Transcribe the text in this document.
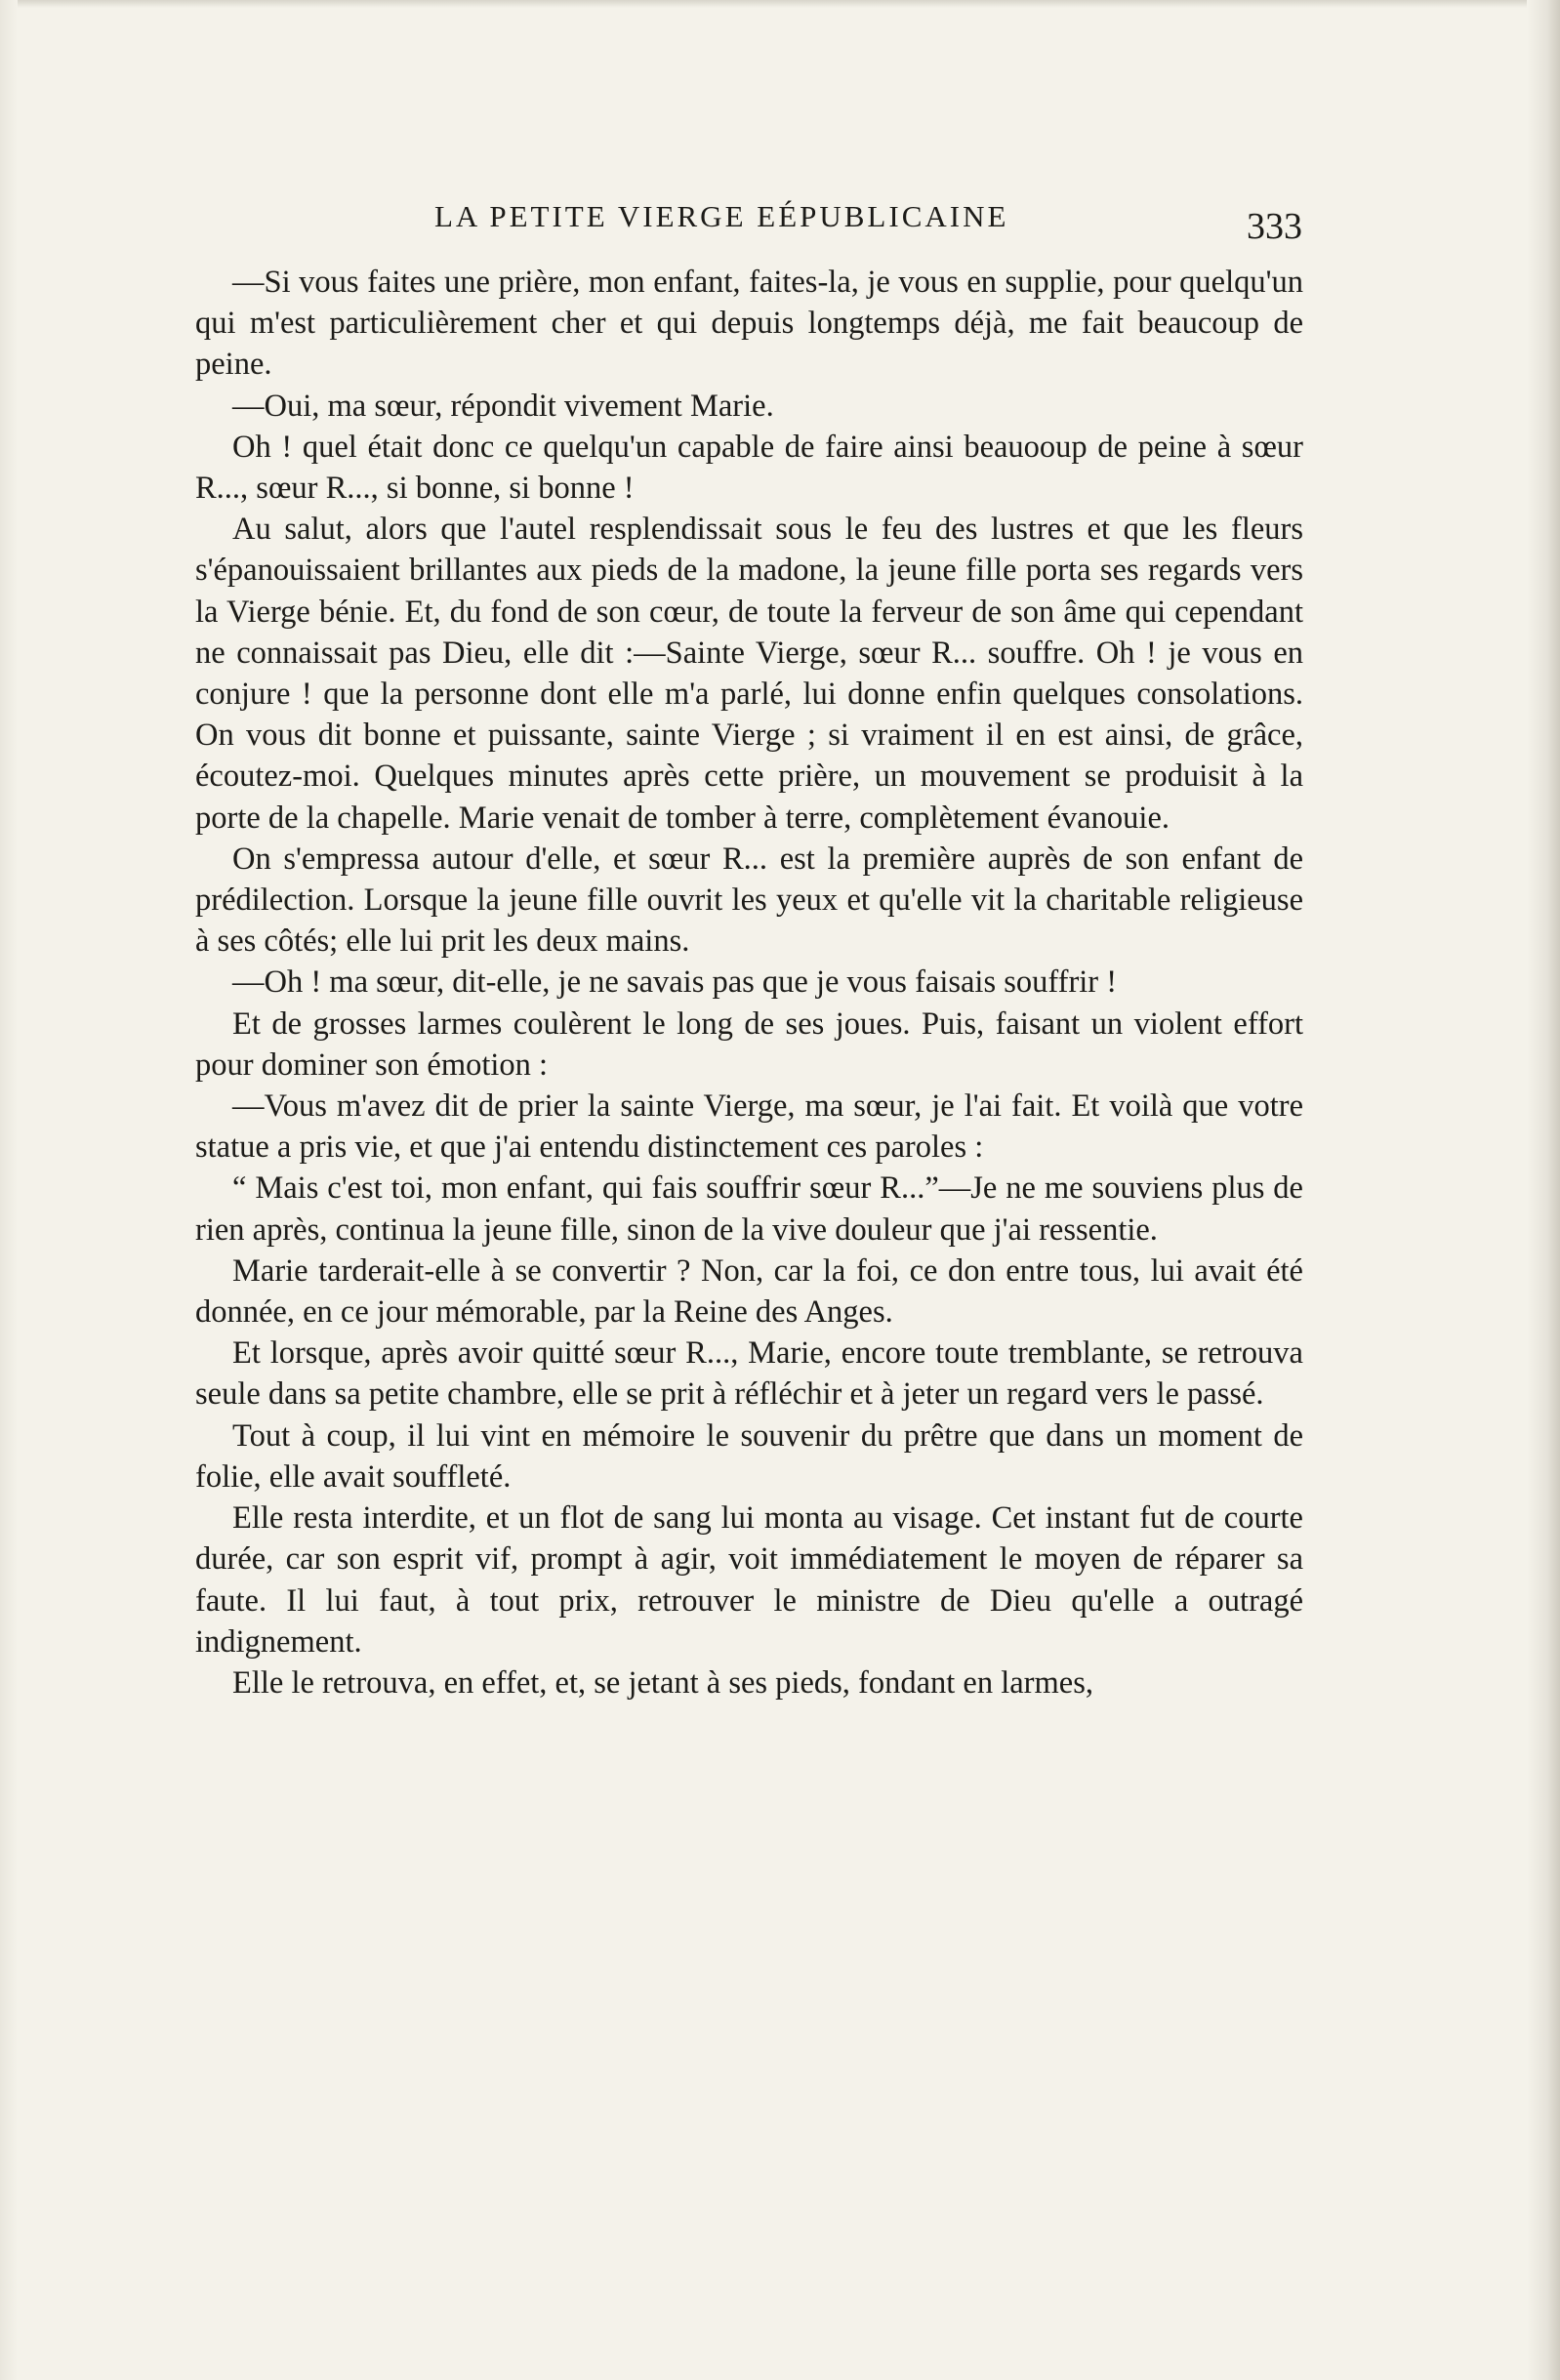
LA PETITE VIERGE EÉPUBLICAINE	333

—Si vous faites une prière, mon enfant, faites-la, je vous en supplie, pour quelqu'un qui m'est particulièrement cher et qui depuis longtemps déjà, me fait beaucoup de peine.

—Oui, ma sœur, répondit vivement Marie.

Oh ! quel était donc ce quelqu'un capable de faire ainsi beauooup de peine à sœur R..., sœur R..., si bonne, si bonne !

Au salut, alors que l'autel resplendissait sous le feu des lustres et que les fleurs s'épanouissaient brillantes aux pieds de la madone, la jeune fille porta ses regards vers la Vierge bénie. Et, du fond de son cœur, de toute la ferveur de son âme qui cependant ne connaissait pas Dieu, elle dit :—Sainte Vierge, sœur R... souffre. Oh ! je vous en conjure ! que la personne dont elle m'a parlé, lui donne enfin quelques consolations. On vous dit bonne et puissante, sainte Vierge ; si vraiment il en est ainsi, de grâce, écoutez-moi. Quelques minutes après cette prière, un mouvement se produisit à la porte de la chapelle. Marie venait de tomber à terre, complètement évanouie.

On s'empressa autour d'elle, et sœur R... est la première auprès de son enfant de prédilection. Lorsque la jeune fille ouvrit les yeux et qu'elle vit la charitable religieuse à ses côtés; elle lui prit les deux mains.

—Oh ! ma sœur, dit-elle, je ne savais pas que je vous faisais souffrir !

Et de grosses larmes coulèrent le long de ses joues. Puis, faisant un violent effort pour dominer son émotion :

—Vous m'avez dit de prier la sainte Vierge, ma sœur, je l'ai fait. Et voilà que votre statue a pris vie, et que j'ai entendu distinctement ces paroles :

“ Mais c'est toi, mon enfant, qui fais souffrir sœur R...”—Je ne me souviens plus de rien après, continua la jeune fille, sinon de la vive douleur que j'ai ressentie.

Marie tarderait-elle à se convertir ? Non, car la foi, ce don entre tous, lui avait été donnée, en ce jour mémorable, par la Reine des Anges.

Et lorsque, après avoir quitté sœur R..., Marie, encore toute tremblante, se retrouva seule dans sa petite chambre, elle se prit à réfléchir et à jeter un regard vers le passé.

Tout à coup, il lui vint en mémoire le souvenir du prêtre que dans un moment de folie, elle avait souffleté.

Elle resta interdite, et un flot de sang lui monta au visage. Cet instant fut de courte durée, car son esprit vif, prompt à agir, voit immédiatement le moyen de réparer sa faute. Il lui faut, à tout prix, retrouver le ministre de Dieu qu'elle a outragé indignement.

Elle le retrouva, en effet, et, se jetant à ses pieds, fondant en larmes,
